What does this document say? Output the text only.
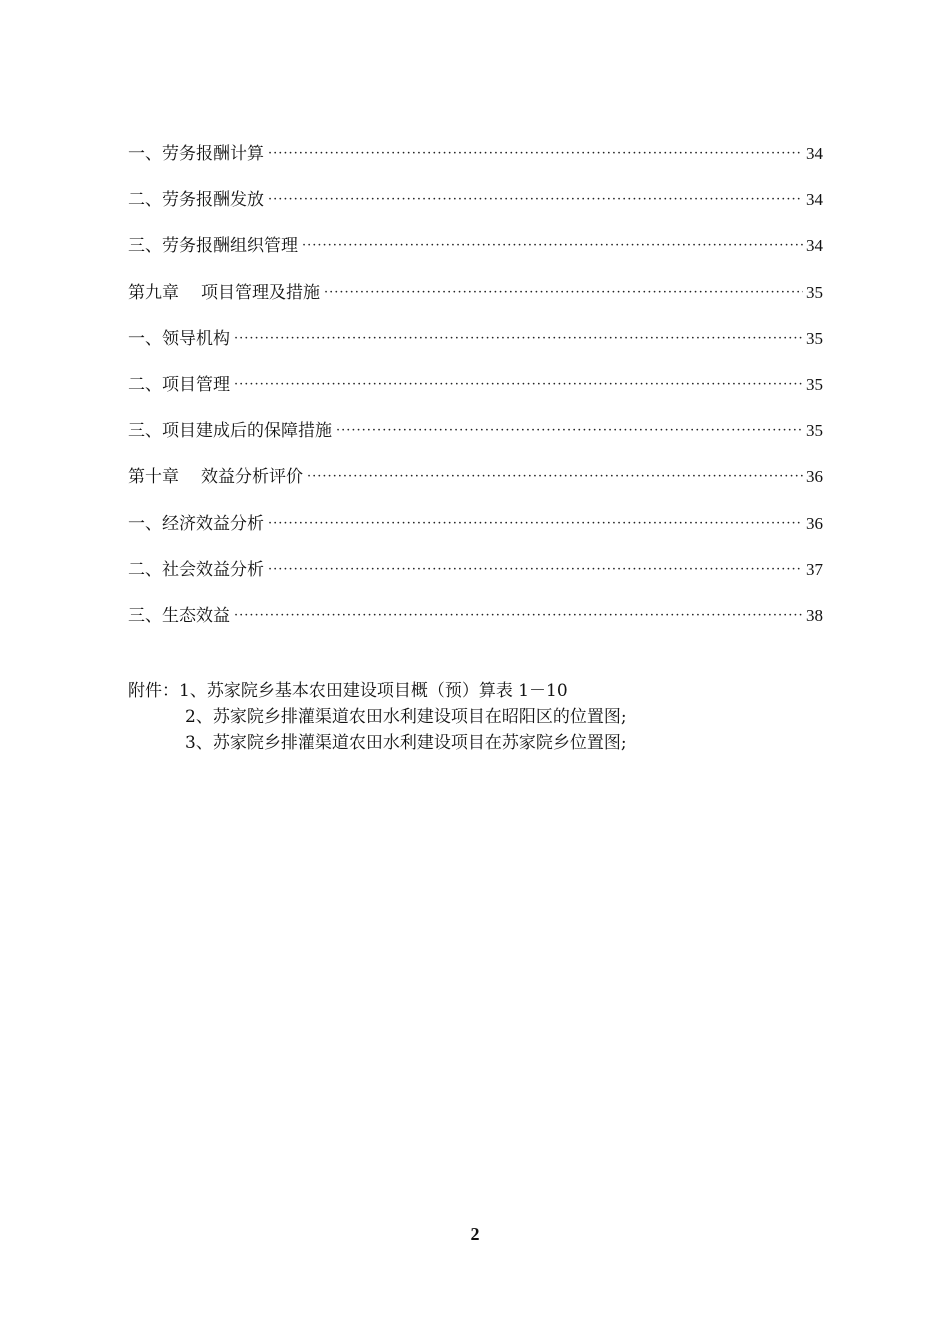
一、劳务报酬计算 ·····	34
二、劳务报酬发放 ·····	34
三、劳务报酬组织管理 ·····	34
第九章 项目管理及措施 ·····	35
一、领导机构 ·····	35
二、项目管理 ·····	35
三、项目建成后的保障措施 ·····	35
第十章 效益分析评价 ·····	36
一、经济效益分析 ·····	36
二、社会效益分析 ·····	37
三、生态效益 ·····	38
附件：1、苏家院乡基本农田建设项目概（预）算表 1－10
2、苏家院乡排灌渠道农田水利建设项目在昭阳区的位置图;
3、苏家院乡排灌渠道农田水利建设项目在苏家院乡位置图;
2
